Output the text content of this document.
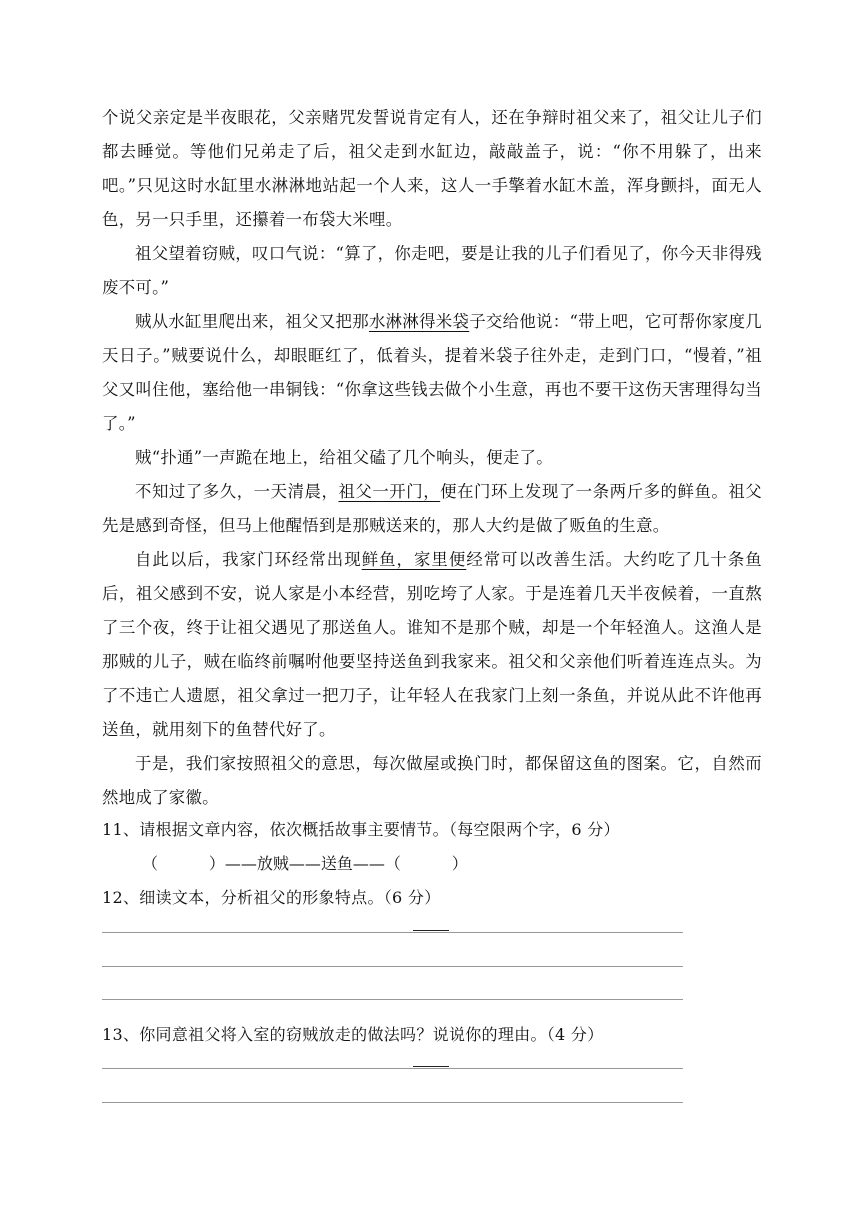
个说父亲定是半夜眼花，父亲赌咒发誓说肯定有人，还在争辩时祖父来了，祖父让儿子们都去睡觉。等他们兄弟走了后，祖父走到水缸边，敲敲盖子，说：“你不用躲了，出来吧。”只见这时水缸里水淋淋地站起一个人来，这人一手擎着水缸木盖，浑身颤抖，面无人色，另一只手里，还攥着一布袋大米哩。

祖父望着窃贼，叹口气说：“算了，你走吧，要是让我的儿子们看见了，你今天非得残废不可。”

贼从水缸里爬出来，祖父又把那水淋淋得米袋子交给他说：“带上吧，它可帮你家度几天日子。”贼要说什么，却眼眶红了，低着头，提着米袋子往外走，走到门口，“慢着，”祖父又叫住他，塞给他一串铜钱：“你拿这些钱去做个小生意，再也不要干这伤天害理得勾当了。”

贼“扑通”一声跪在地上，给祖父磕了几个响头，便走了。

不知过了多久，一天清晨，祖父一开门，便在门环上发现了一条两斤多的鲜鱼。祖父先是感到奇怪，但马上他醒悟到是那贼送来的，那人大约是做了贩鱼的生意。

自此以后，我家门环经常出现鲜鱼，家里便经常可以改善生活。大约吃了几十条鱼后，祖父感到不安，说人家是小本经营，别吃垮了人家。于是连着几天半夜候着，一直熬了三个夜，终于让祖父遇见了那送鱼人。谁知不是那个贼，却是一个年轻渔人。这渔人是那贼的儿子，贼在临终前嘱咐他要坚持送鱼到我家来。祖父和父亲他们听着连连点头。为了不违亡人遗愿，祖父拿过一把刀子，让年轻人在我家门上刻一条鱼，并说从此不许他再送鱼，就用刻下的鱼替代好了。

于是，我们家按照祖父的意思，每次做屋或换门时，都保留这鱼的图案。它，自然而然地成了家徽。

11、请根据文章内容，依次概括故事主要情节。（每空限两个字，6 分）

（          ）——放贼——送鱼——（          ）

12、细读文本，分析祖父的形象特点。（6 分）

13、你同意祖父将入室的窃贼放走的做法吗？说说你的理由。（4 分）
